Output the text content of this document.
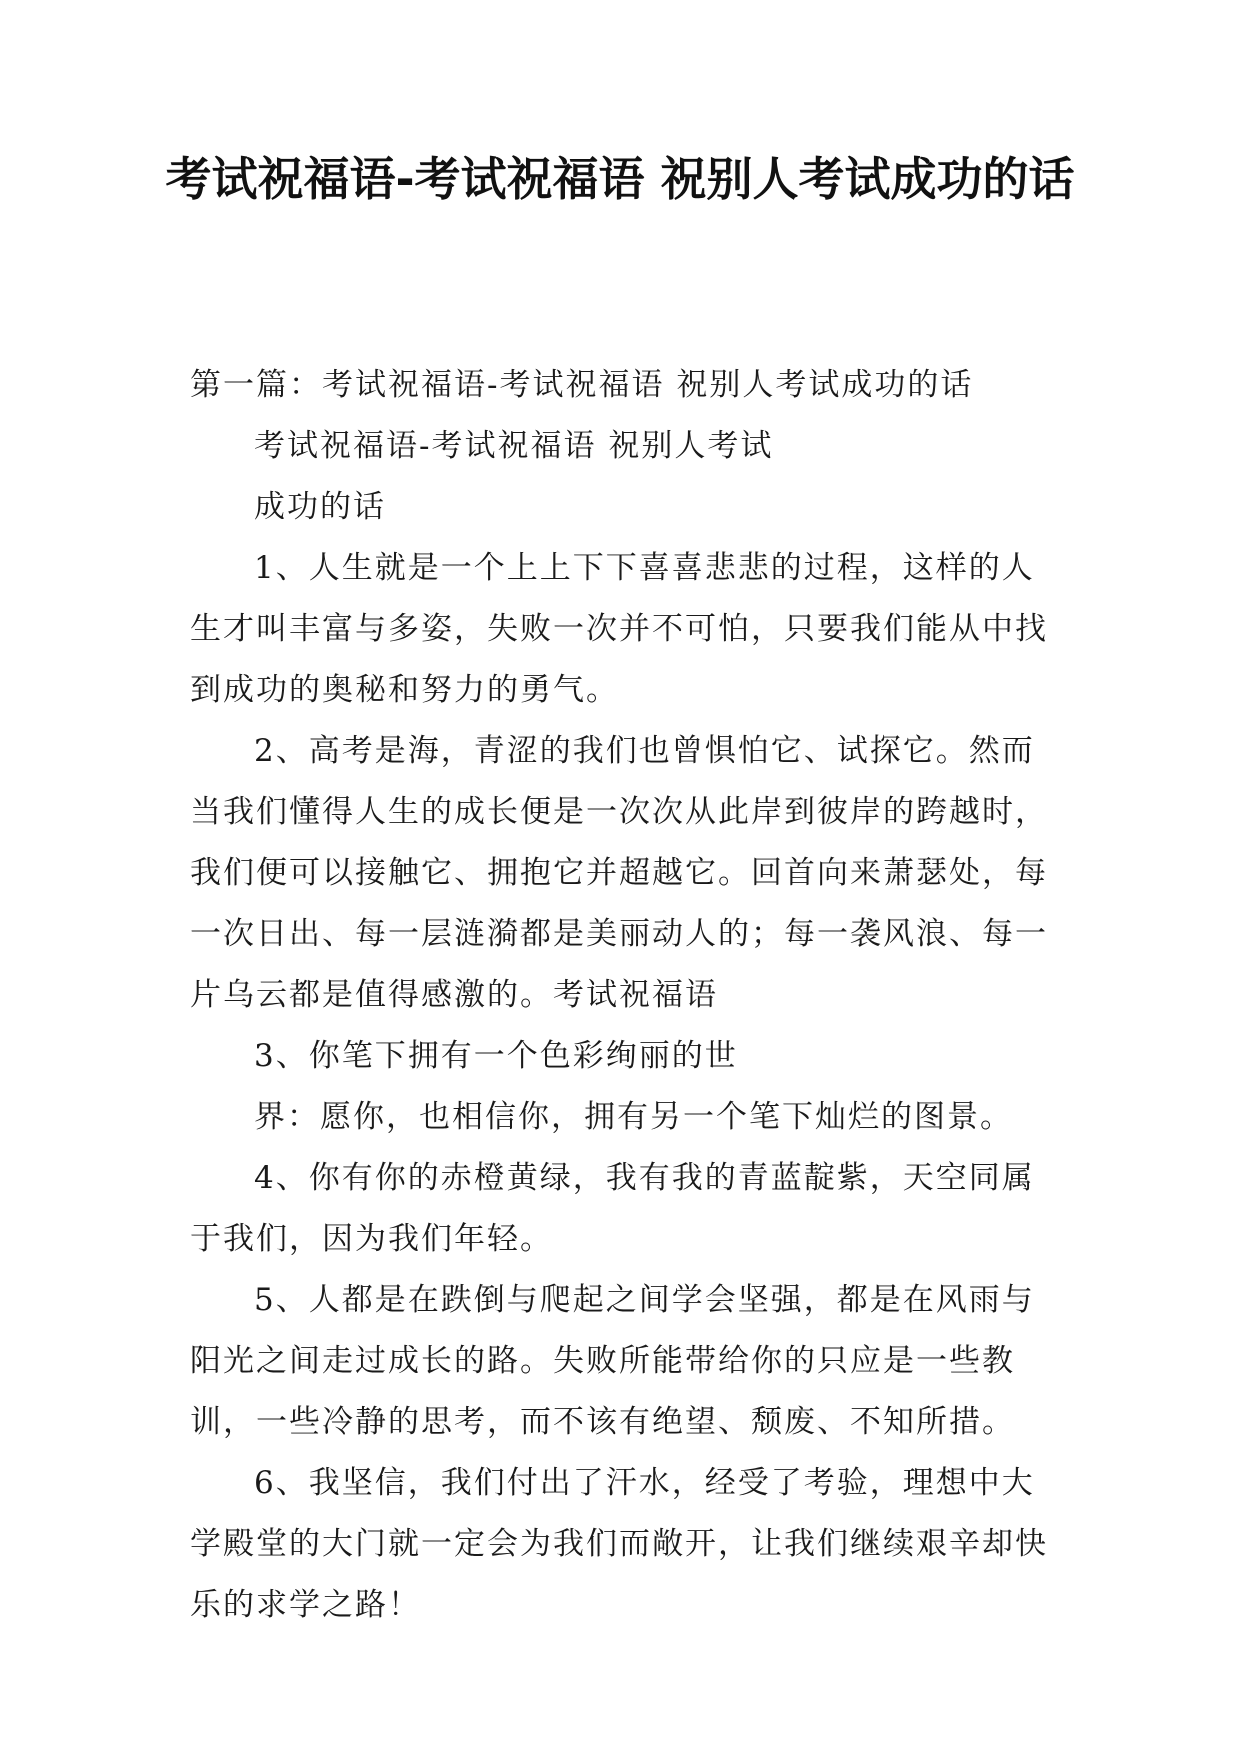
考试祝福语-考试祝福语 祝别人考试成功的话

第一篇：考试祝福语-考试祝福语 祝别人考试成功的话

考试祝福语-考试祝福语 祝别人考试

成功的话

1、人生就是一个上上下下喜喜悲悲的过程，这样的人生才叫丰富与多姿，失败一次并不可怕，只要我们能从中找到成功的奥秘和努力的勇气。

2、高考是海，青涩的我们也曾惧怕它、试探它。然而当我们懂得人生的成长便是一次次从此岸到彼岸的跨越时，我们便可以接触它、拥抱它并超越它。回首向来萧瑟处，每一次日出、每一层涟漪都是美丽动人的；每一袭风浪、每一片乌云都是值得感激的。考试祝福语

3、你笔下拥有一个色彩绚丽的世

界：愿你，也相信你，拥有另一个笔下灿烂的图景。

4、你有你的赤橙黄绿，我有我的青蓝靛紫，天空同属于我们，因为我们年轻。

5、人都是在跌倒与爬起之间学会坚强，都是在风雨与阳光之间走过成长的路。失败所能带给你的只应是一些教训，一些冷静的思考，而不该有绝望、颓废、不知所措。

6、我坚信，我们付出了汗水，经受了考验，理想中大学殿堂的大门就一定会为我们而敞开，让我们继续艰辛却快乐的求学之路！
